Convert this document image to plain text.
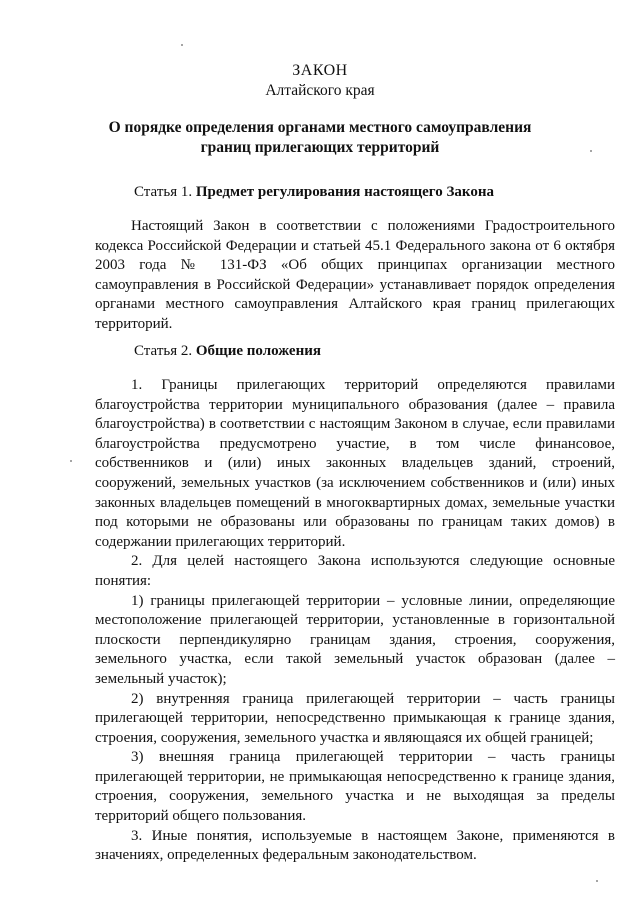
ЗАКОН
Алтайского края
О порядке определения органами местного самоуправления
границ прилегающих территорий
Статья 1. Предмет регулирования настоящего Закона

Настоящий Закон в соответствии с положениями Градостроительного кодекса Российской Федерации и статьей 45.1 Федерального закона от 6 октября 2003 года № 131-ФЗ «Об общих принципах организации местного самоуправления в Российской Федерации» устанавливает порядок определения органами местного самоуправления Алтайского края границ прилегающих территорий.

Статья 2. Общие положения

1. Границы прилегающих территорий определяются правилами благоустройства территории муниципального образования (далее – правила благоустройства) в соответствии с настоящим Законом в случае, если правилами благоустройства предусмотрено участие, в том числе финансовое, собственников и (или) иных законных владельцев зданий, строений, сооружений, земельных участков (за исключением собственников и (или) иных законных владельцев помещений в многоквартирных домах, земельные участки под которыми не образованы или образованы по границам таких домов) в содержании прилегающих территорий.

2. Для целей настоящего Закона используются следующие основные понятия:

1) границы прилегающей территории – условные линии, определяющие местоположение прилегающей территории, установленные в горизонтальной плоскости перпендикулярно границам здания, строения, сооружения, земельного участка, если такой земельный участок образован (далее – земельный участок);

2) внутренняя граница прилегающей территории – часть границы прилегающей территории, непосредственно примыкающая к границе здания, строения, сооружения, земельного участка и являющаяся их общей границей;

3) внешняя граница прилегающей территории – часть границы прилегающей территории, не примыкающая непосредственно к границе здания, строения, сооружения, земельного участка и не выходящая за пределы территорий общего пользования.

3. Иные понятия, используемые в настоящем Законе, применяются в значениях, определенных федеральным законодательством.
